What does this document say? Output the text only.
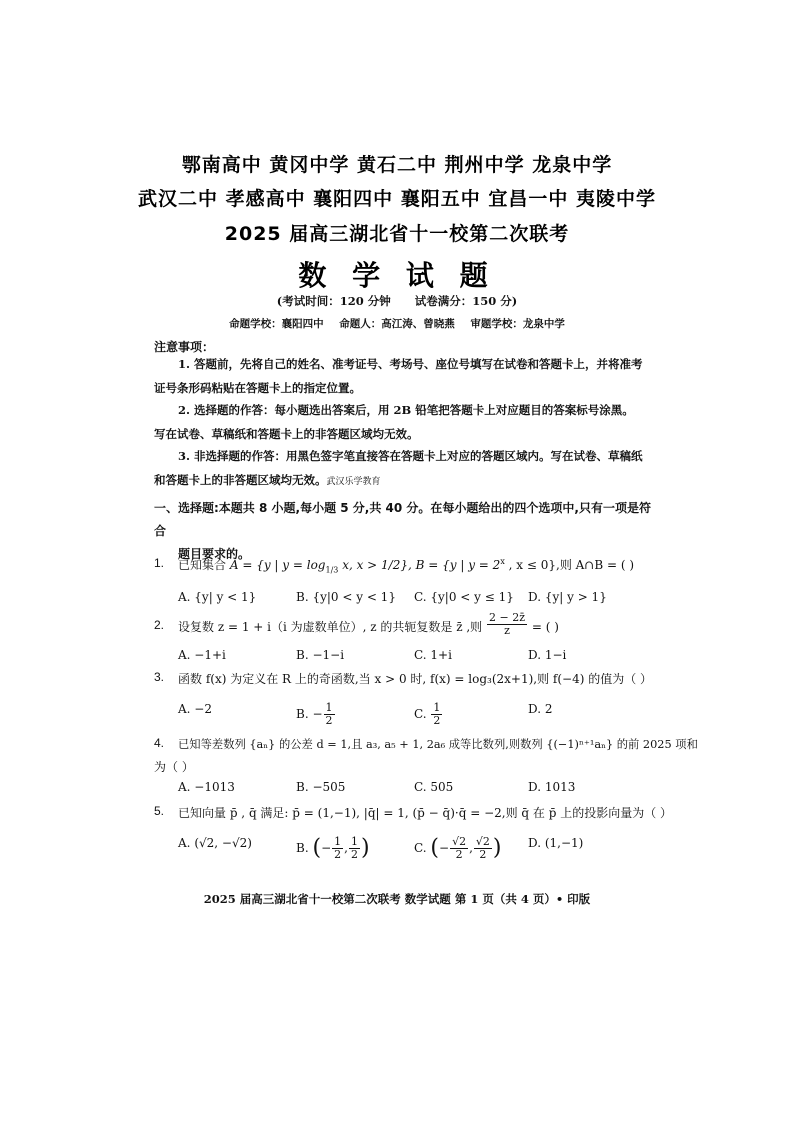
鄂南高中 黄冈中学 黄石二中 荆州中学 龙泉中学
武汉二中 孝感高中 襄阳四中 襄阳五中 宜昌一中 夷陵中学
2025 届高三湖北省十一校第二次联考
数 学 试 题
(考试时间：120 分钟 试卷满分：150 分)
命题学校：襄阳四中 命题人：高江涛、曾晓燕 审题学校：龙泉中学
注意事项：

1. 答题前，先将自己的姓名、准考证号、考场号、座位号填写在试卷和答题卡上，并将准考证号条形码粘贴在答题卡上的指定位置。

2. 选择题的作答：每小题选出答案后，用 2B 铅笔把答题卡上对应题目的答案标号涂黑。写在试卷、草稿纸和答题卡上的非答题区域均无效。

3. 非选择题的作答：用黑色签字笔直接答在答题卡上对应的答题区域内。写在试卷、草稿纸和答题卡上的非答题区域均无效。武汉乐学教育

一、选择题:本题共 8 小题,每小题 5 分,共 40 分。在每小题给出的四个选项中,只有一项是符合
题目要求的。
1. 已知集合 A = {y | $y = \log_{1/3} x$, x > 1/2}, B = {y | $y = 2^x$ , x ≤ 0},则 A∩B = ( )
A. {y| y < 1}	B. {y|0 < y < 1} C. {y|0 < y ≤ 1} D. {y| y > 1}
2. 设复数 z = 1 + i（i 为虚数单位）, z 的共轭复数是 z̄ ,则 $\frac{2 - 2z̄}{z}$ = ( )
A. −1+i	B. −1−i	C. 1+i	D. 1−i
3. 函数 f(x) 为定义在 R 上的奇函数,当 x > 0 时, f(x) = log₃(2x+1),则 f(−4) 的值为（ ）
A. −2	B. − $\frac{1}{2}$	C. $\frac{1}{2}$	D. 2
4. 已知等差数列 {aₙ} 的公差 d = 1,且 a₃, a₅ + 1, 2a₆ 成等比数列,则数列 {(−1)ⁿ⁺¹aₙ} 的前 2025 项和
为（ ）
A. −1013	B. −505	C. 505	D. 1013
5. 已知向量 p̄ , q̄ 满足: p̄ = (1,−1), |q̄| = 1, (p̄ − q̄)·q̄ = −2,则 q̄ 在 p̄ 上的投影向量为（ ）
A. (√2, −√2)	B. (− $\frac{1}{2}$ , $\frac{1}{2}$ )	C. (− $\frac{√2}{2}$ , $\frac{√2}{2}$ ) D. (1,−1)
2025 届高三湖北省十一校第二次联考 数学试题 第 1 页（共 4 页）• 印版
